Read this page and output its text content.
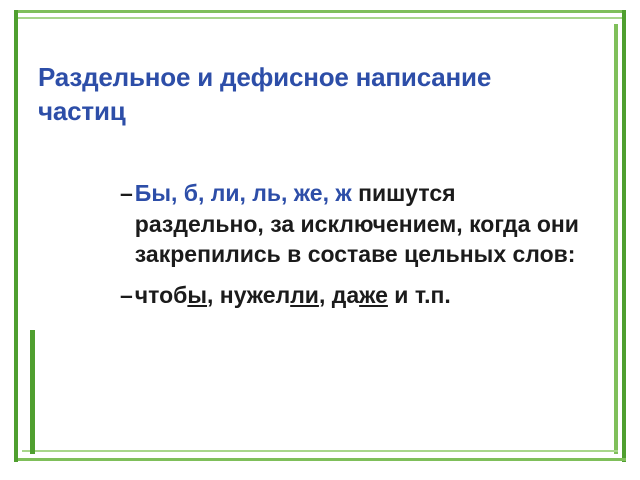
Раздельное и дефисное написание частиц
– Бы, б, ли, ль, же, ж пишутся раздельно, за исключением, когда они закрепились в составе цельных слов:
– чтобы, нужелли, даже и т.п.
